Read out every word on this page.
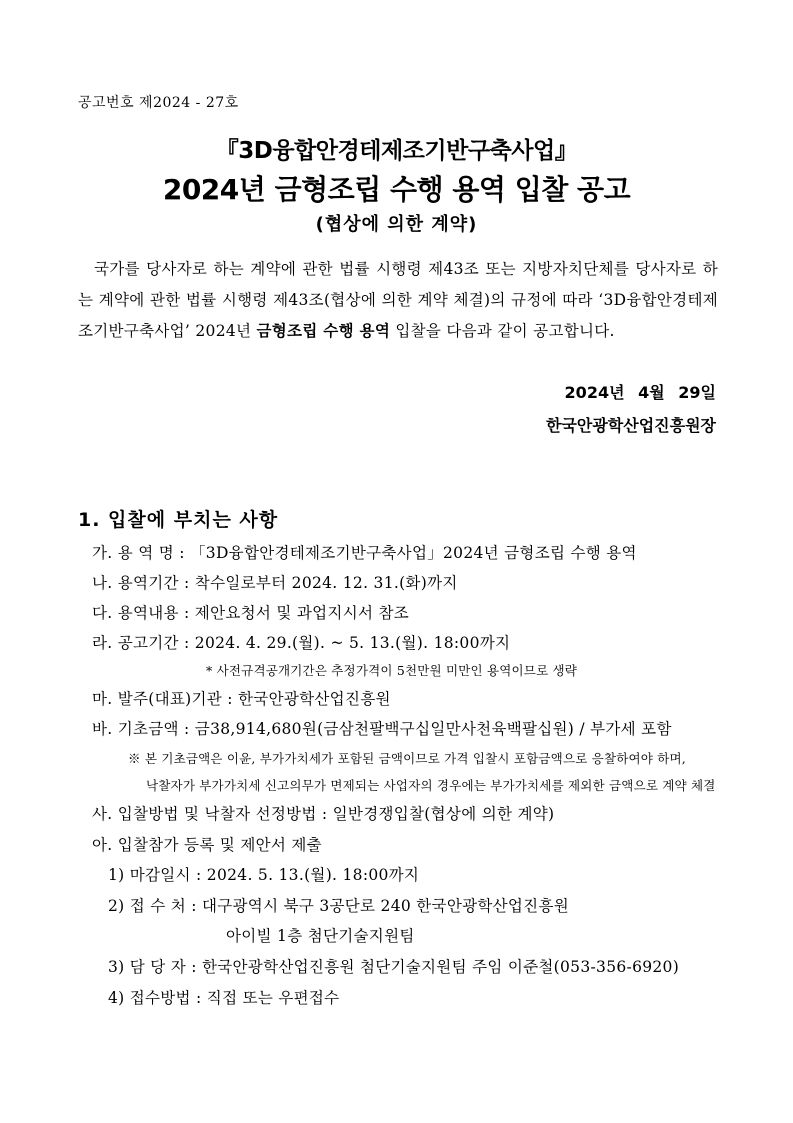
공고번호 제2024 - 27호
『3D융합안경테제조기반구축사업』
2024년 금형조립 수행 용역 입찰 공고
(협상에 의한 계약)

국가를 당사자로 하는 계약에 관한 법률 시행령 제43조 또는 지방자치단체를 당사자로 하는 계약에 관한 법률 시행령 제43조(협상에 의한 계약 체결)의 규정에 따라 ‘3D융합안경테제조기반구축사업’ 2024년 금형조립 수행 용역 입찰을 다음과 같이 공고합니다.

2024년 4월 29일
한국안광학산업진흥원장
1. 입찰에 부치는 사항
가. 용 역 명 : 「3D융합안경테제조기반구축사업」2024년 금형조립 수행 용역
나. 용역기간 : 착수일로부터 2024. 12. 31.(화)까지
다. 용역내용 : 제안요청서 및 과업지시서 참조
라. 공고기간 : 2024. 4. 29.(월). ~ 5. 13.(월). 18:00까지
* 사전규격공개기간은 추정가격이 5천만원 미만인 용역이므로 생략
마. 발주(대표)기관 : 한국안광학산업진흥원
바. 기초금액 : 금38,914,680원(금삼천팔백구십일만사천육백팔십원) / 부가세 포함
※ 본 기초금액은 이윤, 부가가치세가 포함된 금액이므로 가격 입찰시 포함금액으로 응찰하여야 하며,
낙찰자가 부가가치세 신고의무가 면제되는 사업자의 경우에는 부가가치세를 제외한 금액으로 계약 체결
사. 입찰방법 및 낙찰자 선정방법 : 일반경쟁입찰(협상에 의한 계약)
아. 입찰참가 등록 및 제안서 제출
1) 마감일시 : 2024. 5. 13.(월). 18:00까지
2) 접 수 처 : 대구광역시 북구 3공단로 240 한국안광학산업진흥원
아이빌 1층 첨단기술지원팀
3) 담 당 자 : 한국안광학산업진흥원 첨단기술지원팀 주임 이준철(053-356-6920)
4) 접수방법 : 직접 또는 우편접수
